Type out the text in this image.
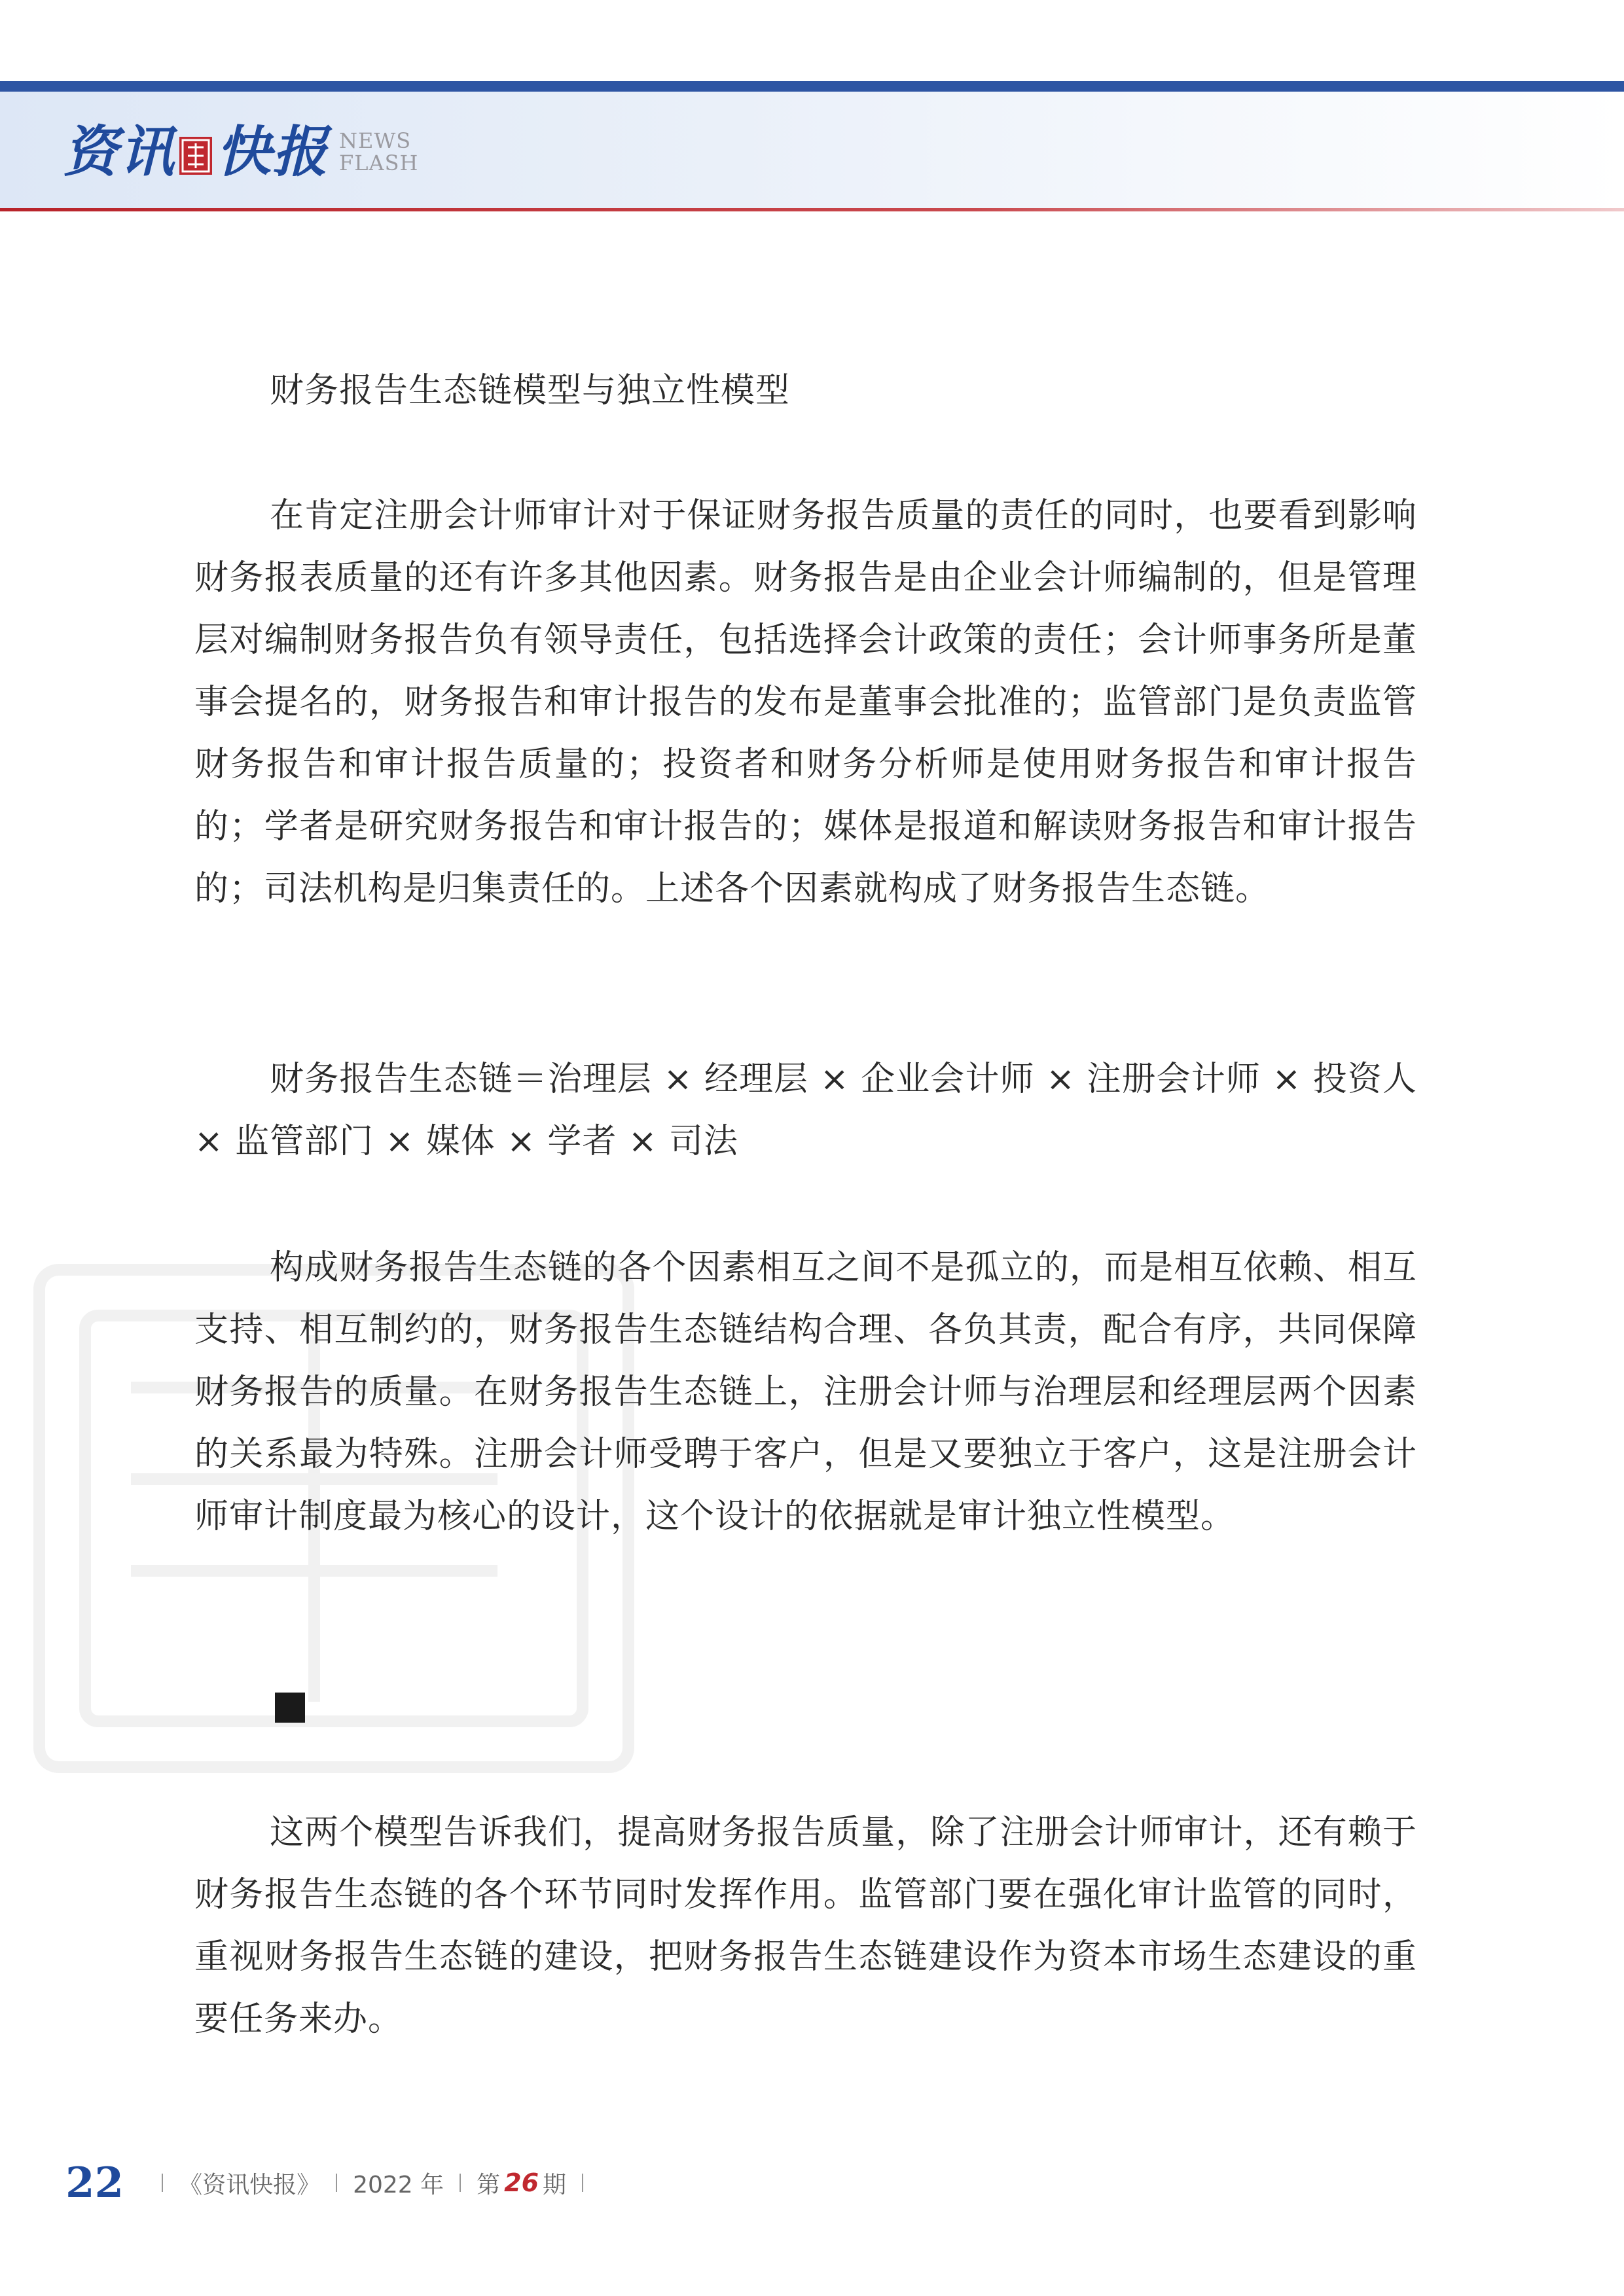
资讯 快报 NEWS
FLASH

财务报告生态链模型与独立性模型

在肯定注册会计师审计对于保证财务报告质量的责任的同时，也要看到影响财务报表质量的还有许多其他因素。财务报告是由企业会计师编制的，但是管理层对编制财务报告负有领导责任，包括选择会计政策的责任；会计师事务所是董事会提名的，财务报告和审计报告的发布是董事会批准的；监管部门是负责监管财务报告和审计报告质量的；投资者和财务分析师是使用财务报告和审计报告的；学者是研究财务报告和审计报告的；媒体是报道和解读财务报告和审计报告的；司法机构是归集责任的。上述各个因素就构成了财务报告生态链。

财务报告生态链＝治理层 × 经理层 × 企业会计师 × 注册会计师 × 投资人 × 监管部门 × 媒体 × 学者 × 司法

构成财务报告生态链的各个因素相互之间不是孤立的，而是相互依赖、相互支持、相互制约的，财务报告生态链结构合理、各负其责，配合有序，共同保障财务报告的质量。在财务报告生态链上，注册会计师与治理层和经理层两个因素的关系最为特殊。注册会计师受聘于客户，但是又要独立于客户，这是注册会计师审计制度最为核心的设计，这个设计的依据就是审计独立性模型。

这两个模型告诉我们，提高财务报告质量，除了注册会计师审计，还有赖于财务报告生态链的各个环节同时发挥作用。监管部门要在强化审计监管的同时，重视财务报告生态链的建设，把财务报告生态链建设作为资本市场生态建设的重要任务来办。

22 《资讯快报》 2022 年 第 26 期
